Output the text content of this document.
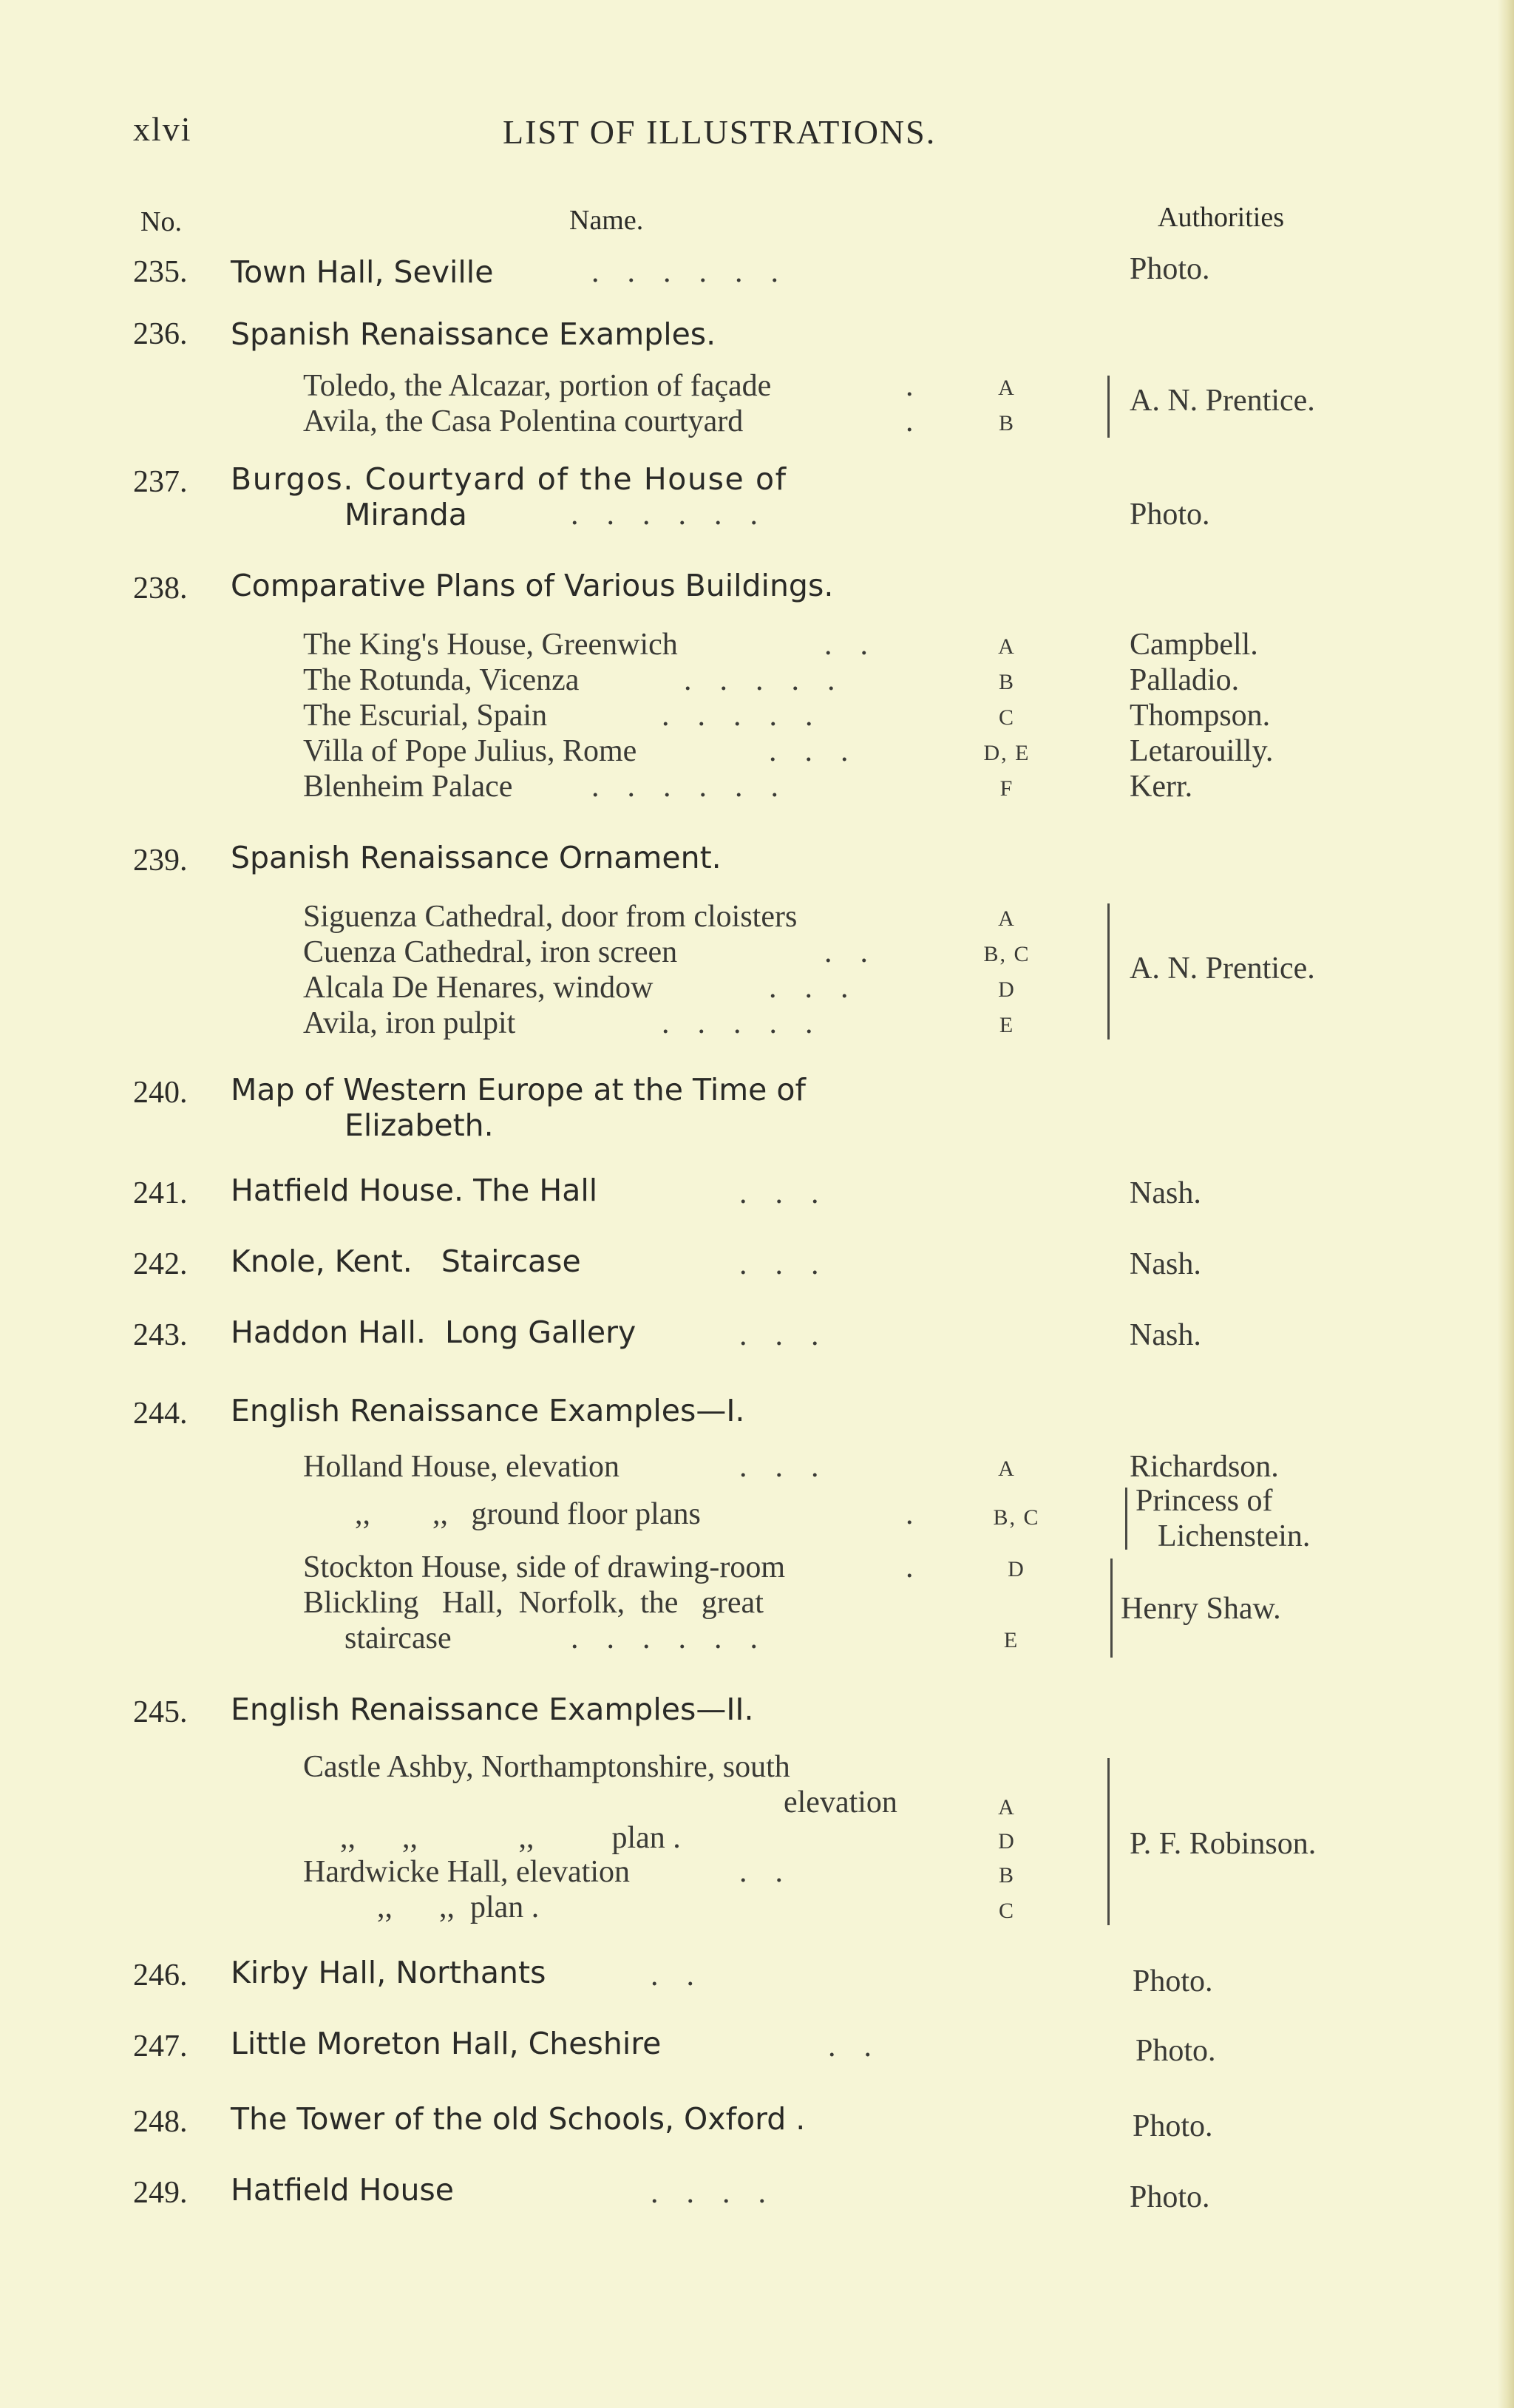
xlvi	LIST OF ILLUSTRATIONS.
No.	Name.	Authorities
235. Town Hall, Seville	......	Photo.
236. Spanish Renaissance Examples.
Toledo, the Alcazar, portion of façade	.	A
Avila, the Casa Polentina courtyard	.	B
A. N. Prentice.
237. Burgos. Courtyard of the House of
Miranda	......	Photo.
238. Comparative Plans of Various Buildings.
The King's House, Greenwich	..	A	Campbell.
The Rotunda, Vicenza	.....	B	Palladio.
The Escurial, Spain	.....	C	Thompson.
Villa of Pope Julius, Rome	...	D, E	Letarouilly.
Blenheim Palace	......	F	Kerr.
239. Spanish Renaissance Ornament.
Siguenza Cathedral, door from cloisters	A
Cuenza Cathedral, iron screen	..	B, C
Alcala De Henares, window	...	D
Avila, iron pulpit	.....	E
A. N. Prentice.
240. Map of Western Europe at the Time of
Elizabeth.
241. Hatfield House. The Hall	...	Nash.
242. Knole, Kent.   Staircase	...	Nash.
243. Haddon Hall.  Long Gallery	...	Nash.
244. English Renaissance Examples—I.
Holland House, elevation	...	A	Richardson.
,,        ,,   ground floor plans	.	B, C	Princess of
Lichenstein.
Stockton House, side of drawing-room	.	D
Blickling   Hall,  Norfolk,  the   great
staircase	......	E
Henry Shaw.
245. English Renaissance Examples—II.
Castle Ashby, Northamptonshire, south
elevation	A
,,      ,,             ,,          plan .	D
Hardwicke Hall, elevation	..	B
,,      ,,  plan .	C
P. F. Robinson.
246. Kirby Hall, Northants	..	Photo.
247. Little Moreton Hall, Cheshire	..	Photo.
248. The Tower of the old Schools, Oxford .	Photo.
249. Hatfield House	....	Photo.
